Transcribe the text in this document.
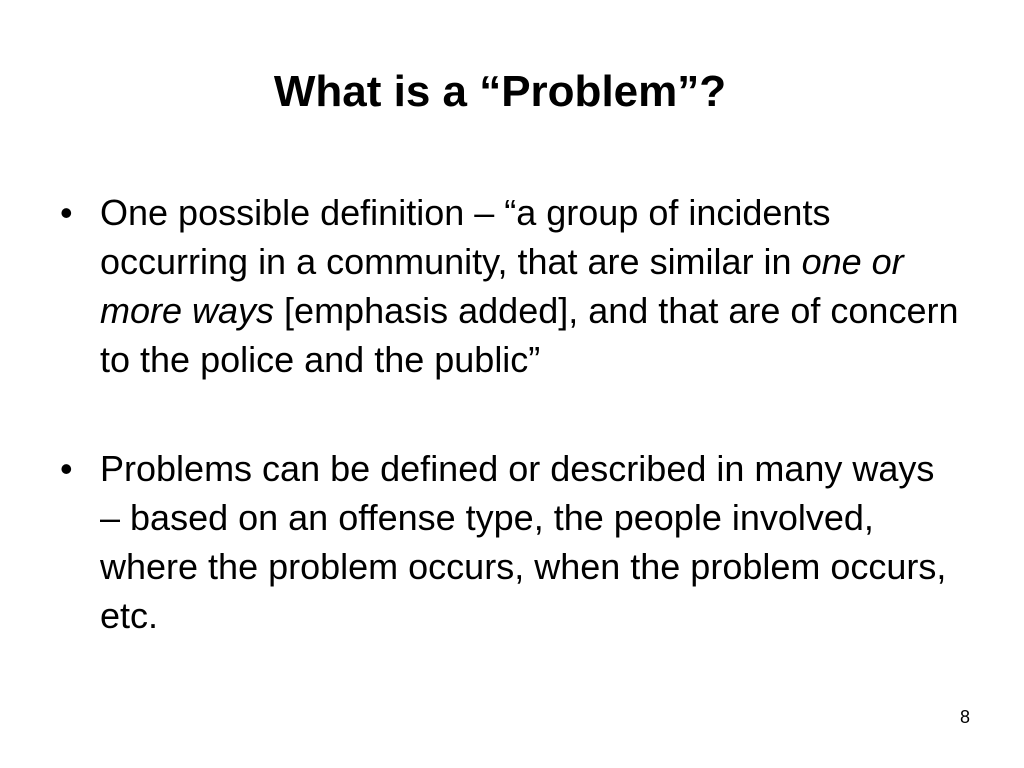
What is a “Problem”?
• One possible definition – “a group of incidents occurring in a community, that are similar in one or more ways [emphasis added], and that are of concern to the police and the public”
• Problems can be defined or described in many ways – based on an offense type, the people involved, where the problem occurs, when the problem occurs, etc.
8
